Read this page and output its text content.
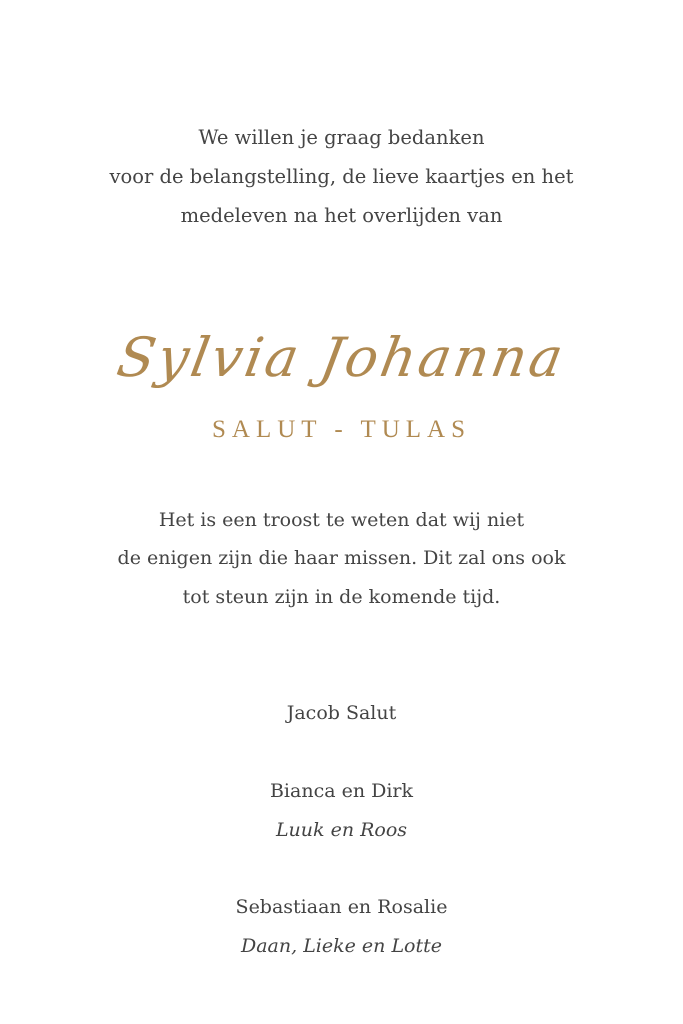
We willen je graag bedanken
voor de belangstelling, de lieve kaartjes en het
medeleven na het overlijden van
Sylvia Johanna
SALUT - TULAS
Het is een troost te weten dat wij niet
de enigen zijn die haar missen. Dit zal ons ook
tot steun zijn in de komende tijd.
Jacob Salut
Bianca en Dirk
Luuk en Roos
Sebastiaan en Rosalie
Daan, Lieke en Lotte
